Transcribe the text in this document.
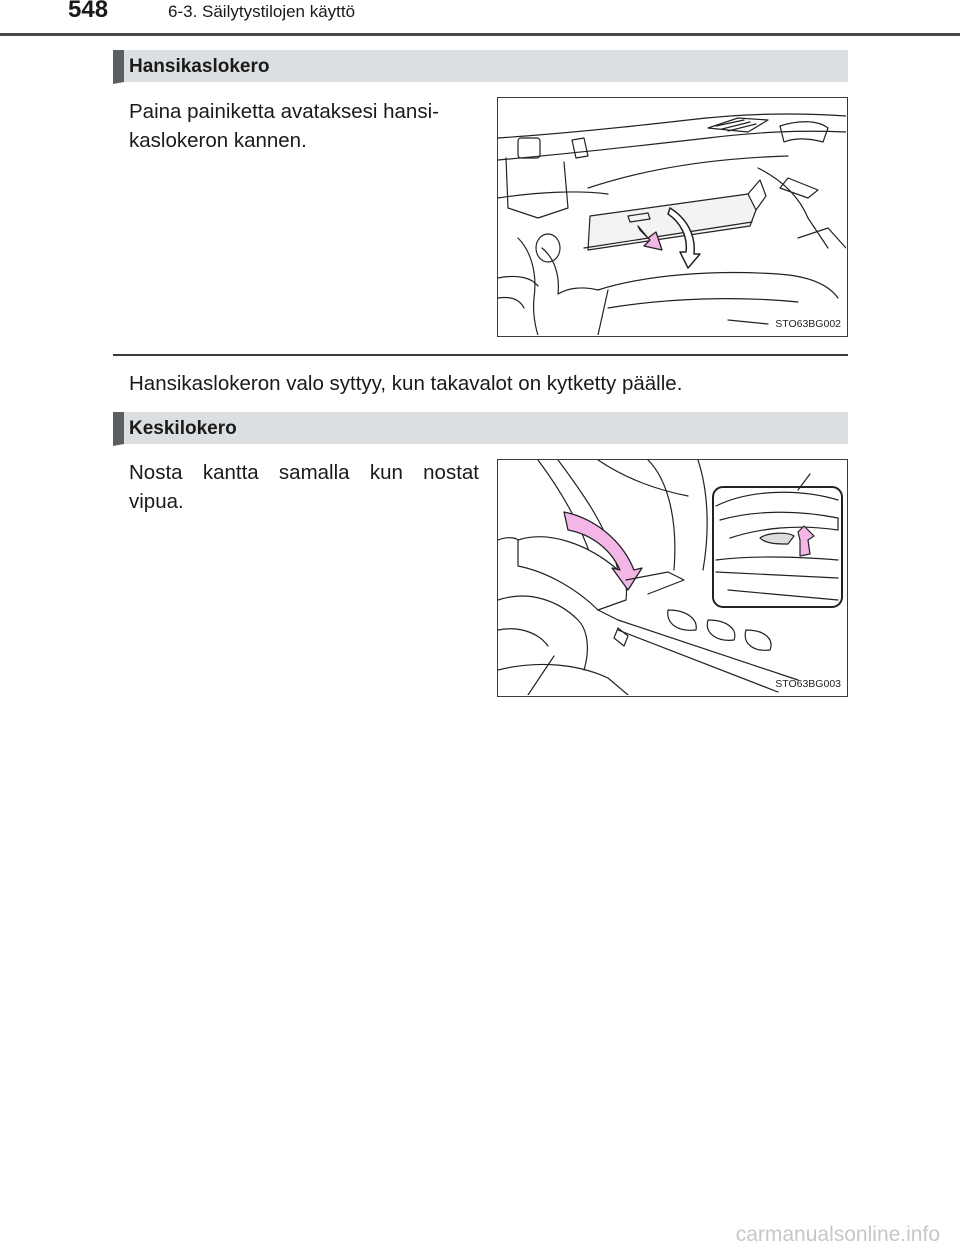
548	6-3. Säilytystilojen käyttö
Hansikaslokero
Paina painiketta avataksesi hansi-
kaslokeron kannen.
STO63BG002
Hansikaslokeron valo syttyy, kun takavalot on kytketty päälle.
Keskilokero
Nosta kantta samalla kun nostat
vipua.
STO63BG003
carmanualsonline.info
